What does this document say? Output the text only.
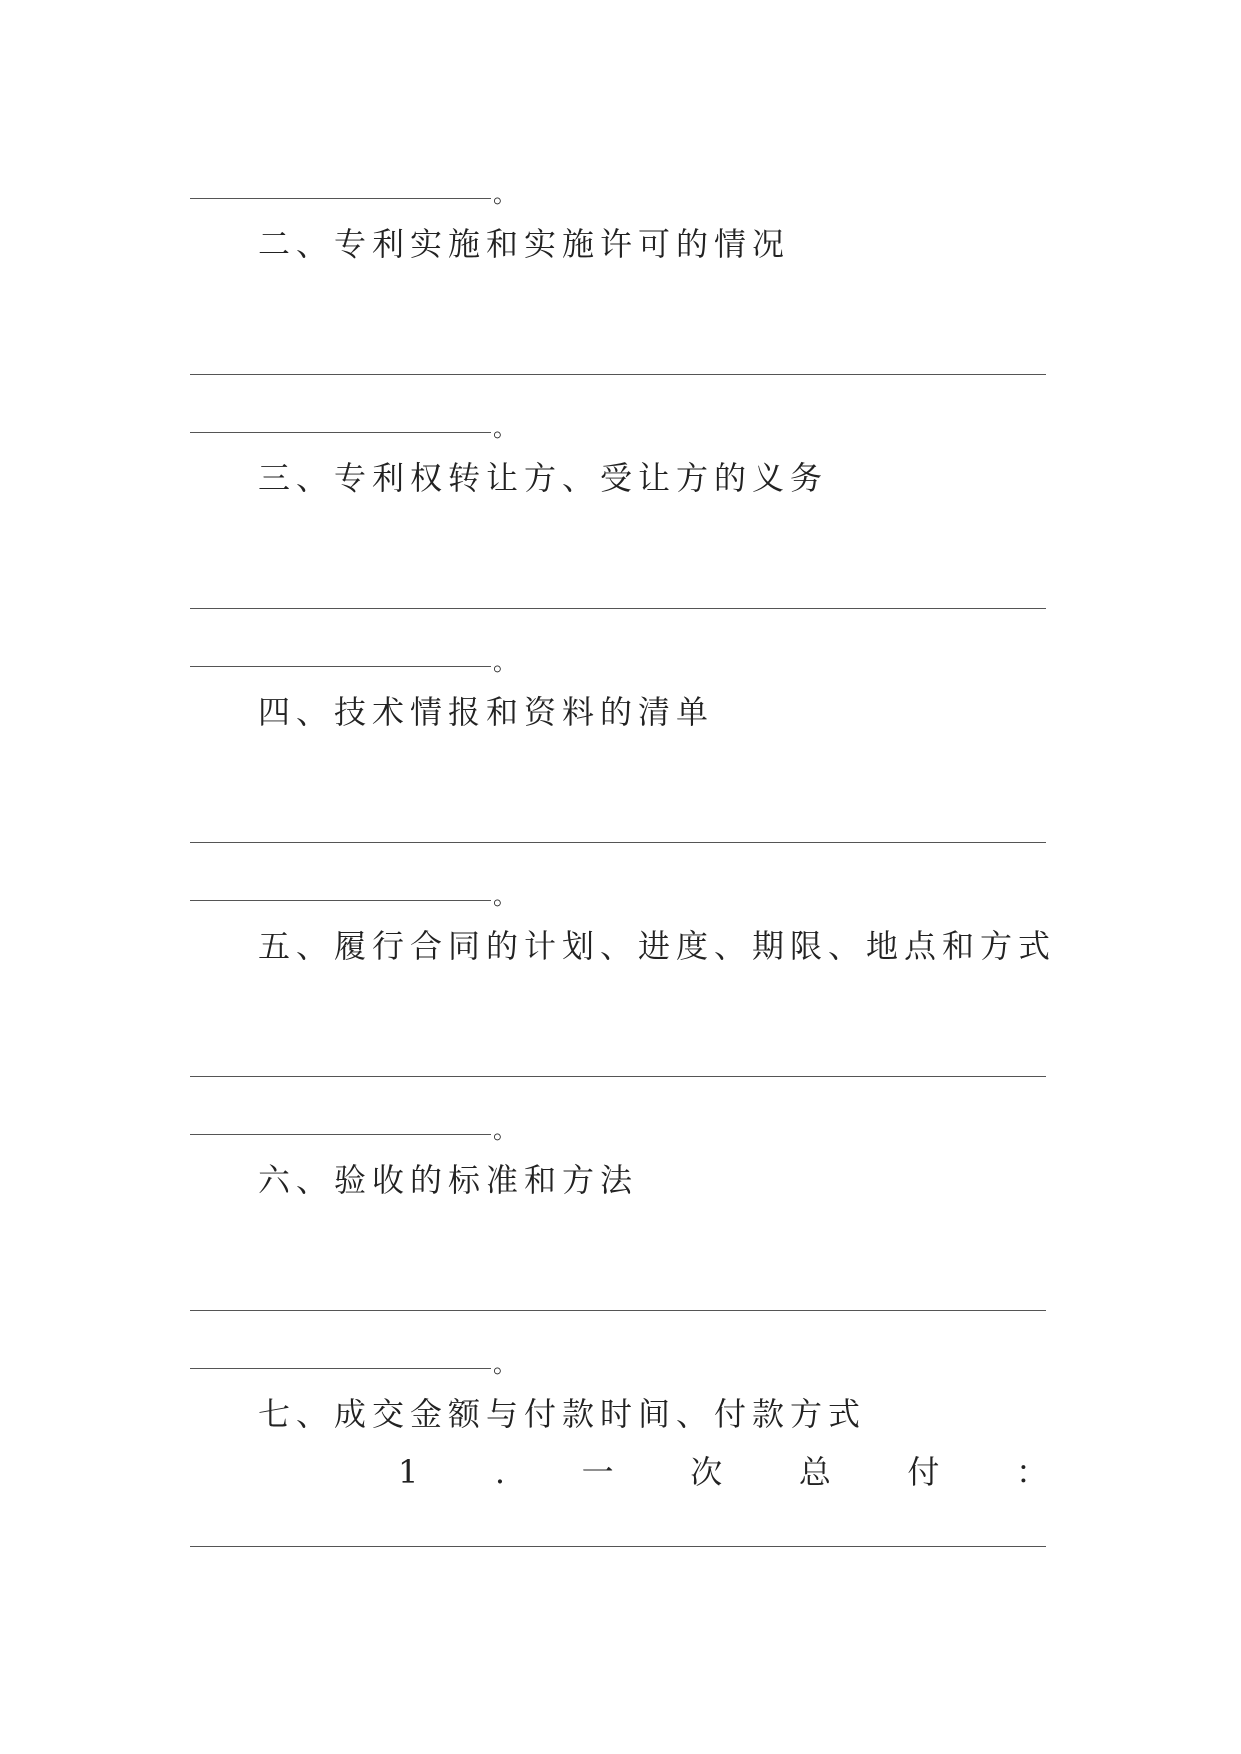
。
二、专利实施和实施许可的情况
。
三、专利权转让方、受让方的义务
。
四、技术情报和资料的清单
。
五、履行合同的计划、进度、期限、地点和方式
。
六、验收的标准和方法
。
七、成交金额与付款时间、付款方式
1 . 一 次 总 付 ：
